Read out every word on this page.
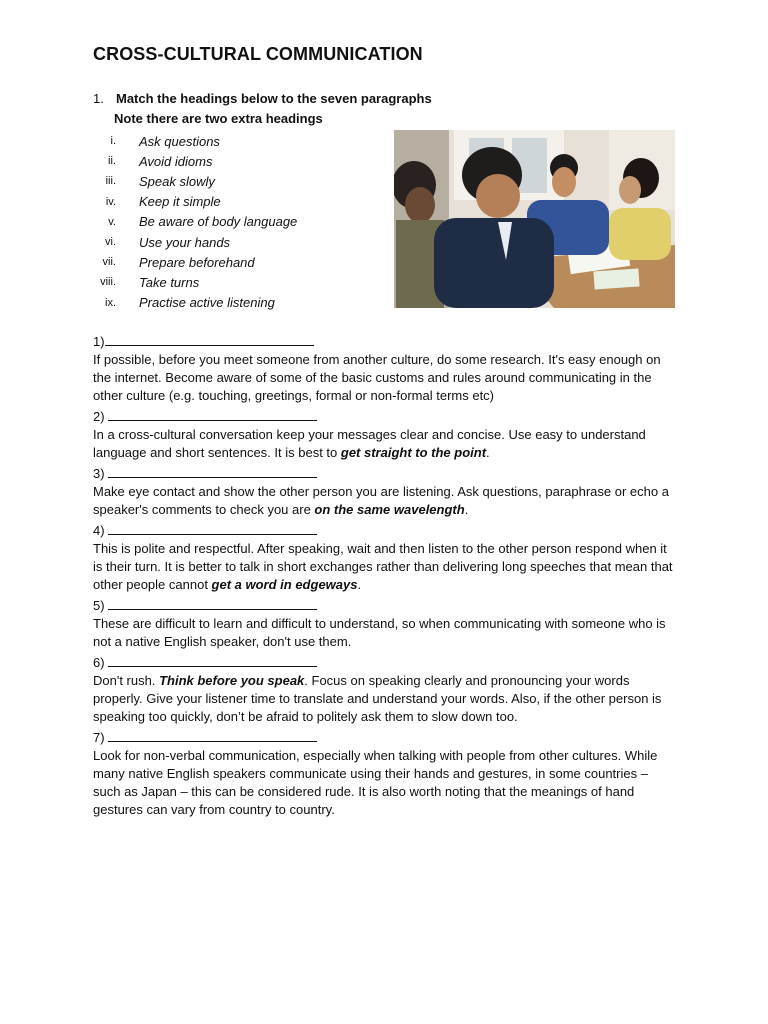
CROSS-CULTURAL COMMUNICATION
1. Match the headings below to the seven paragraphs
Note there are two extra headings
i. Ask questions
ii. Avoid idioms
iii. Speak slowly
iv. Keep it simple
v. Be aware of body language
vi. Use your hands
vii. Prepare beforehand
viii. Take turns
ix. Practise active listening
1)
If possible, before you meet someone from another culture, do some research. It's easy enough on the internet. Become aware of some of the basic customs and rules around communicating in the other culture (e.g. touching, greetings, formal or non-formal terms etc)
2)
In a cross-cultural conversation keep your messages clear and concise. Use easy to understand language and short sentences. It is best to get straight to the point.
3)
Make eye contact and show the other person you are listening. Ask questions, paraphrase or echo a speaker's comments to check you are on the same wavelength.
4)
This is polite and respectful. After speaking, wait and then listen to the other person respond when it is their turn. It is better to talk in short exchanges rather than delivering long speeches that mean that other people cannot get a word in edgeways.
5)
These are difficult to learn and difficult to understand, so when communicating with someone who is not a native English speaker, don't use them.
6)
Don't rush. Think before you speak. Focus on speaking clearly and pronouncing your words properly. Give your listener time to translate and understand your words. Also, if the other person is speaking too quickly, don’t be afraid to politely ask them to slow down too.
7)
Look for non-verbal communication, especially when talking with people from other cultures. While many native English speakers communicate using their hands and gestures, in some countries – such as Japan – this can be considered rude. It is also worth noting that the meanings of hand gestures can vary from country to country.
